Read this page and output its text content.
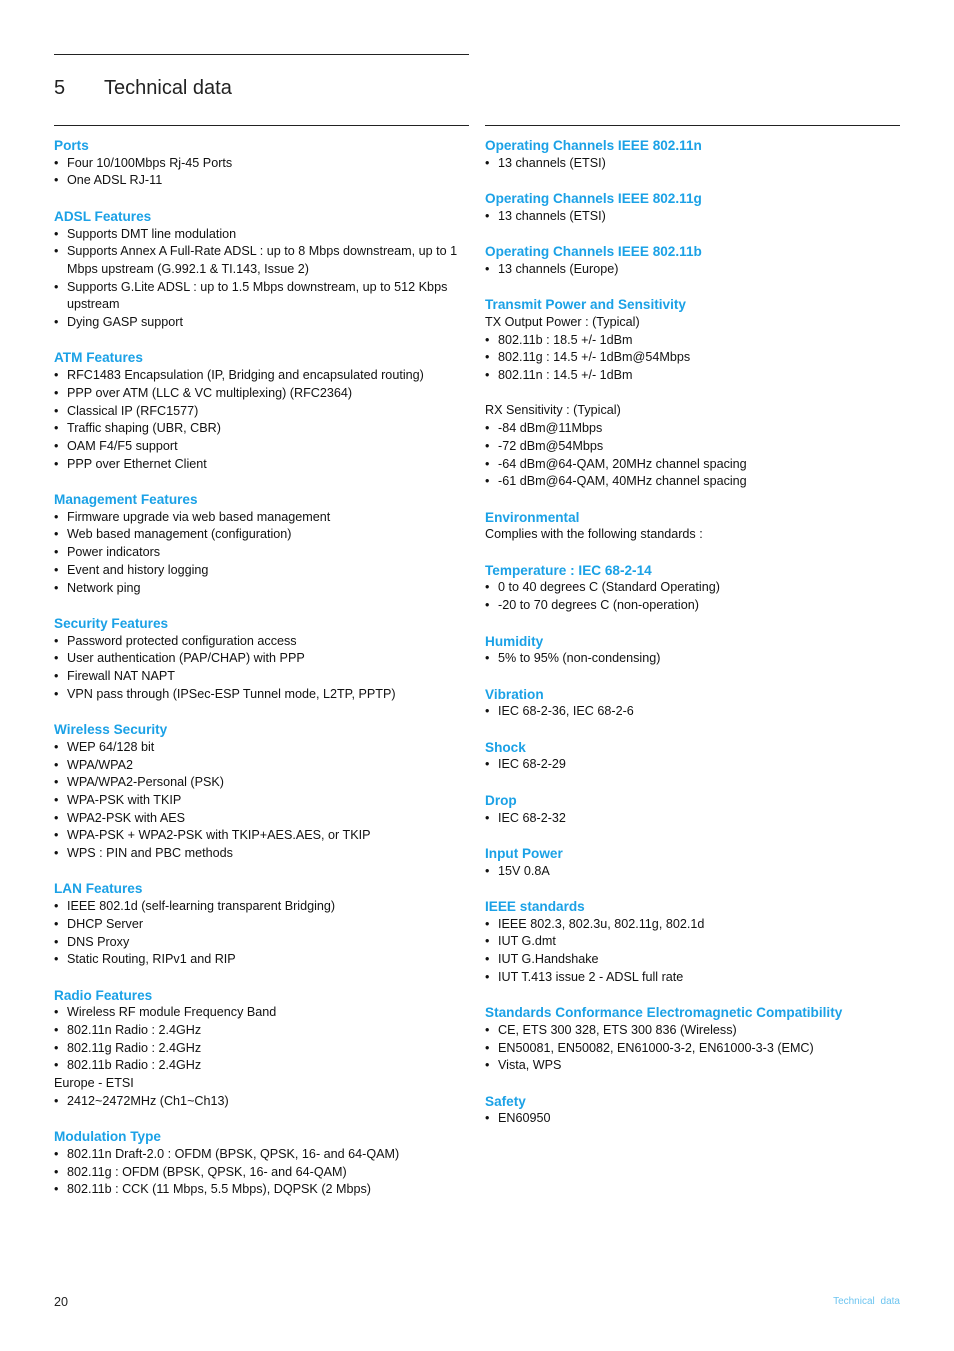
5 Technical data
Ports
• Four 10/100Mbps Rj-45 Ports
• One ADSL RJ-11
ADSL Features
• Supports DMT line modulation
• Supports Annex A Full-Rate ADSL : up to 8 Mbps downstream, up to 1 Mbps upstream (G.992.1 & TI.143, Issue 2)
• Supports G.Lite ADSL : up to 1.5 Mbps downstream, up to 512 Kbps upstream
• Dying GASP support
ATM Features
• RFC1483 Encapsulation (IP, Bridging and encapsulated routing)
• PPP over ATM (LLC & VC multiplexing) (RFC2364)
• Classical IP (RFC1577)
• Traffic shaping (UBR, CBR)
• OAM F4/F5 support
• PPP over Ethernet Client
Management Features
• Firmware upgrade via web based management
• Web based management (configuration)
• Power indicators
• Event and history logging
• Network ping
Security Features
• Password protected configuration access
• User authentication (PAP/CHAP) with PPP
• Firewall NAT NAPT
• VPN pass through (IPSec-ESP Tunnel mode, L2TP, PPTP)
Wireless Security
• WEP 64/128 bit
• WPA/WPA2
• WPA/WPA2-Personal (PSK)
• WPA-PSK with TKIP
• WPA2-PSK with AES
• WPA-PSK + WPA2-PSK with TKIP+AES.AES, or TKIP
• WPS : PIN and PBC methods
LAN Features
• IEEE 802.1d (self-learning transparent Bridging)
• DHCP Server
• DNS Proxy
• Static Routing, RIPv1 and RIP
Radio Features
• Wireless RF module Frequency Band
• 802.11n Radio : 2.4GHz
• 802.11g Radio : 2.4GHz
• 802.11b Radio : 2.4GHz
Europe - ETSI
• 2412~2472MHz (Ch1~Ch13)
Modulation Type
• 802.11n Draft-2.0 : OFDM (BPSK, QPSK, 16- and 64-QAM)
• 802.11g : OFDM (BPSK, QPSK, 16- and 64-QAM)
• 802.11b : CCK (11 Mbps, 5.5 Mbps), DQPSK (2 Mbps)
Operating Channels IEEE 802.11n
• 13 channels (ETSI)
Operating Channels IEEE 802.11g
• 13 channels (ETSI)
Operating Channels IEEE 802.11b
• 13 channels (Europe)
Transmit Power and Sensitivity
TX Output Power : (Typical)
• 802.11b : 18.5 +/- 1dBm
• 802.11g : 14.5 +/- 1dBm@54Mbps
• 802.11n : 14.5 +/- 1dBm
RX Sensitivity : (Typical)
• -84 dBm@11Mbps
• -72 dBm@54Mbps
• -64 dBm@64-QAM, 20MHz channel spacing
• -61 dBm@64-QAM, 40MHz channel spacing
Environmental
Complies with the following standards :
Temperature : IEC 68-2-14
• 0 to 40 degrees C (Standard Operating)
• -20 to 70 degrees C (non-operation)
Humidity
• 5% to 95% (non-condensing)
Vibration
• IEC 68-2-36, IEC 68-2-6
Shock
• IEC 68-2-29
Drop
• IEC 68-2-32
Input Power
• 15V 0.8A
IEEE standards
• IEEE 802.3, 802.3u, 802.11g, 802.1d
• IUT G.dmt
• IUT G.Handshake
• IUT T.413 issue 2 - ADSL full rate
Standards Conformance Electromagnetic Compatibility
• CE, ETS 300 328, ETS 300 836 (Wireless)
• EN50081, EN50082, EN61000-3-2, EN61000-3-3 (EMC)
• Vista, WPS
Safety
• EN60950
20	Technical data
